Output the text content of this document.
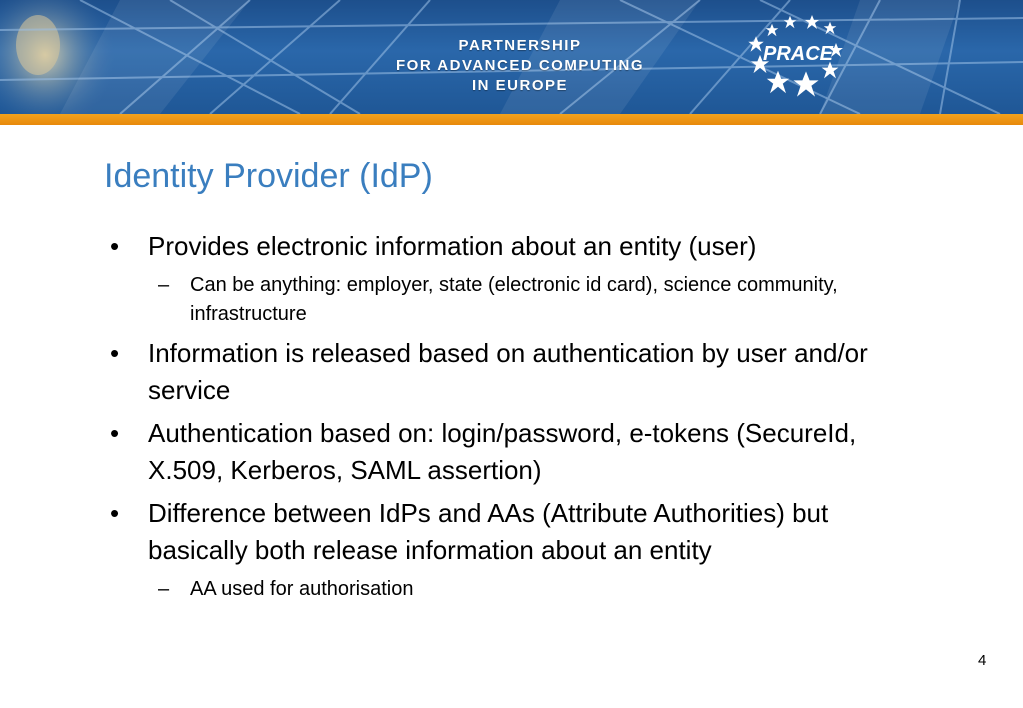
PARTNERSHIP
FOR ADVANCED COMPUTING
IN EUROPE
PRACE
Identity Provider (IdP)
• Provides electronic information about an entity (user)
– Can be anything: employer, state (electronic id card), science community, infrastructure
• Information is released based on authentication by user and/or service
• Authentication based on: login/password, e-tokens (SecureId, X.509, Kerberos, SAML assertion)
• Difference between IdPs and AAs (Attribute Authorities) but basically both release information about an entity
– AA used for authorisation
4
